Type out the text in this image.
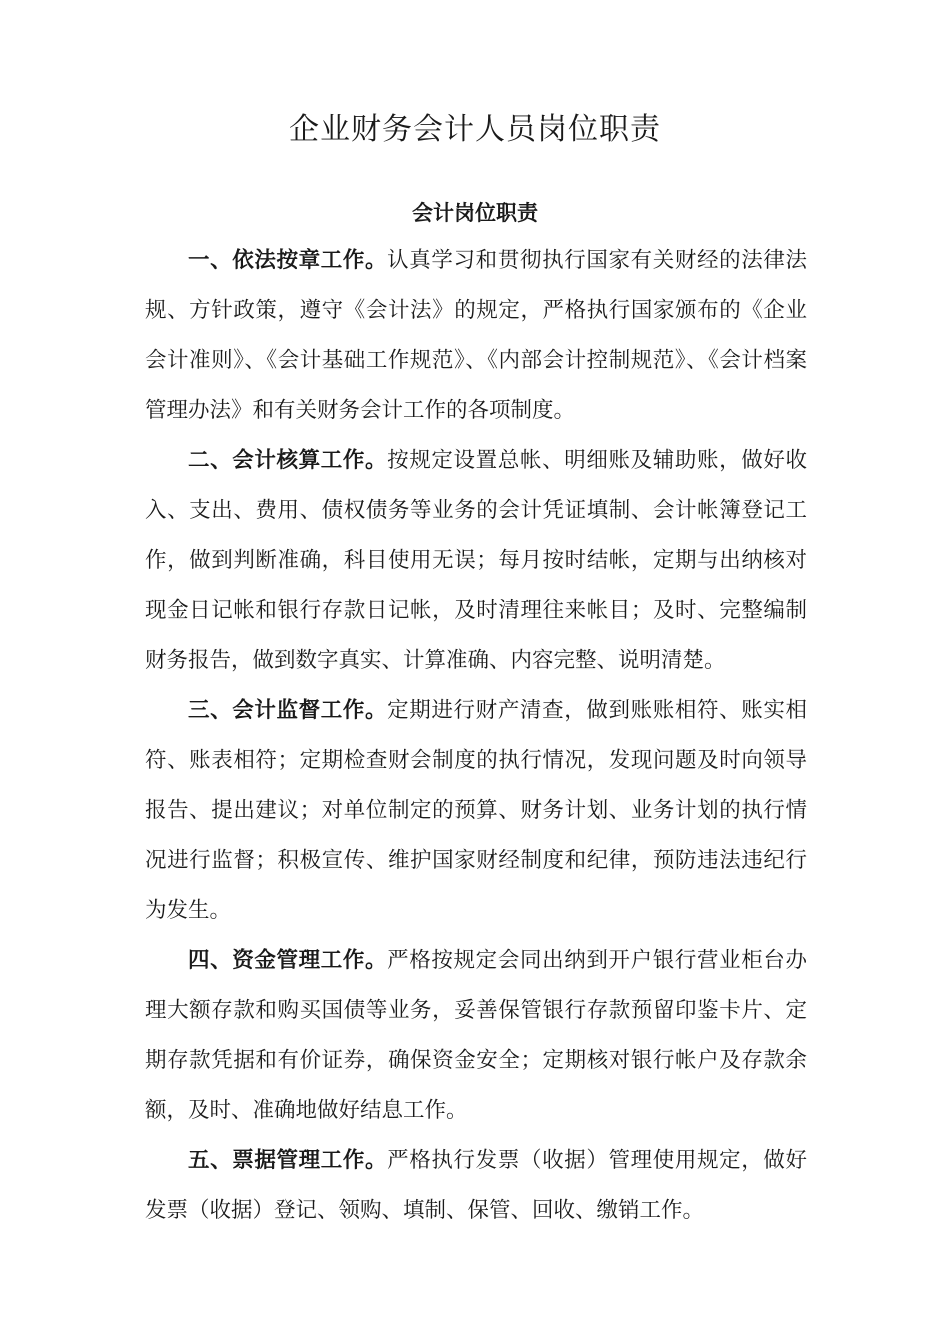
企业财务会计人员岗位职责
会计岗位职责

一、依法按章工作。认真学习和贯彻执行国家有关财经的法律法规、方针政策，遵守《会计法》的规定，严格执行国家颁布的《企业会计准则》、《会计基础工作规范》、《内部会计控制规范》、《会计档案管理办法》和有关财务会计工作的各项制度。

二、会计核算工作。按规定设置总帐、明细账及辅助账，做好收入、支出、费用、债权债务等业务的会计凭证填制、会计帐簿登记工作，做到判断准确，科目使用无误；每月按时结帐，定期与出纳核对现金日记帐和银行存款日记帐，及时清理往来帐目；及时、完整编制财务报告，做到数字真实、计算准确、内容完整、说明清楚。

三、会计监督工作。定期进行财产清查，做到账账相符、账实相符、账表相符；定期检查财会制度的执行情况，发现问题及时向领导报告、提出建议；对单位制定的预算、财务计划、业务计划的执行情况进行监督；积极宣传、维护国家财经制度和纪律，预防违法违纪行为发生。

四、资金管理工作。严格按规定会同出纳到开户银行营业柜台办理大额存款和购买国债等业务，妥善保管银行存款预留印鉴卡片、定期存款凭据和有价证券，确保资金安全；定期核对银行帐户及存款余额，及时、准确地做好结息工作。

五、票据管理工作。严格执行发票（收据）管理使用规定，做好发票（收据）登记、领购、填制、保管、回收、缴销工作。
